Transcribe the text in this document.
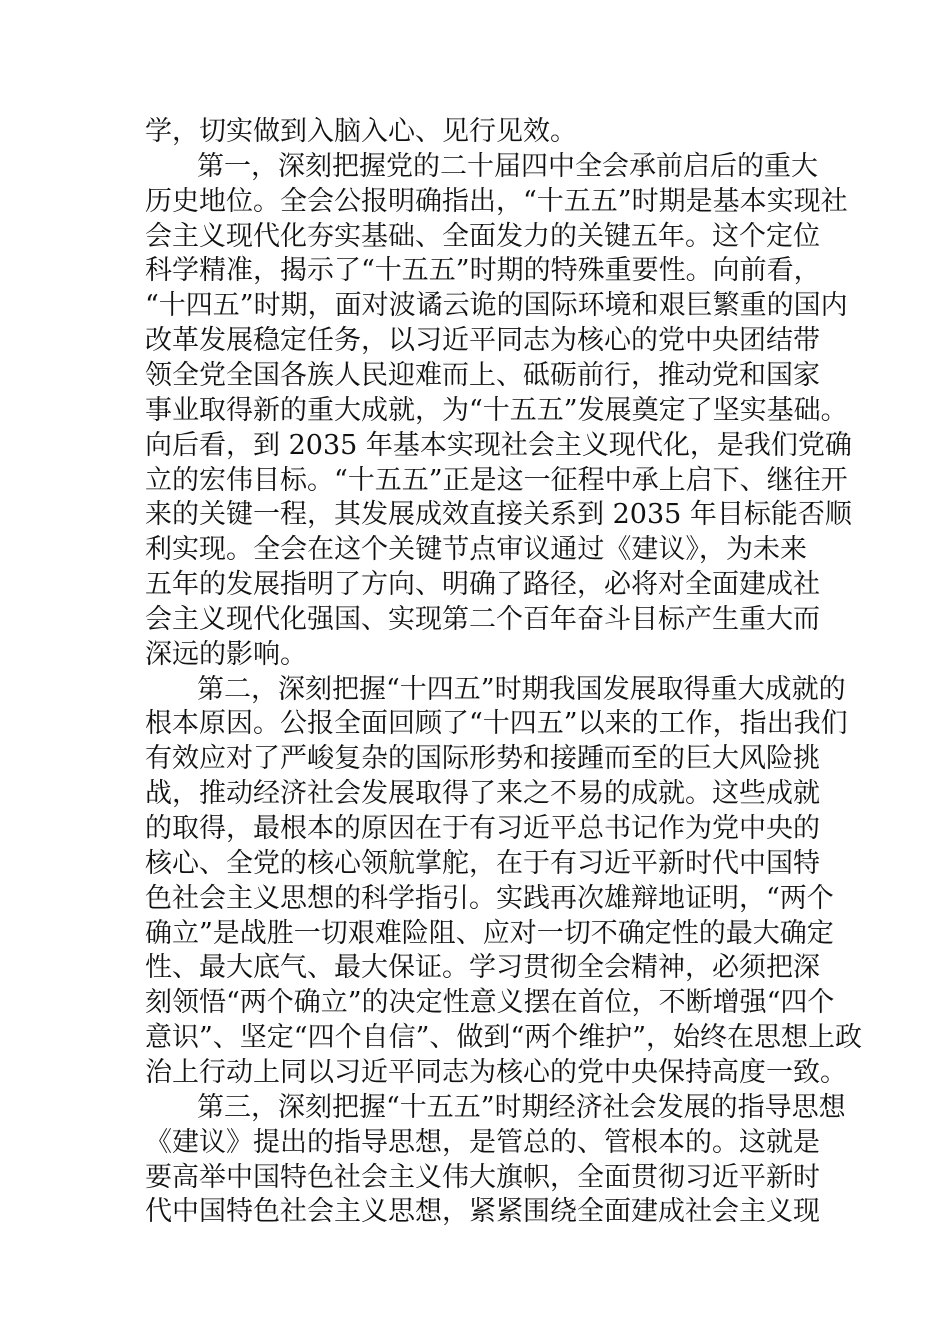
学，切实做到入脑入心、见行见效。
第一，深刻把握党的二十届四中全会承前启后的重大
历史地位。全会公报明确指出，“十五五”时期是基本实现社
会主义现代化夯实基础、全面发力的关键五年。这个定位
科学精准，揭示了“十五五”时期的特殊重要性。向前看，
“十四五”时期，面对波谲云诡的国际环境和艰巨繁重的国内
改革发展稳定任务，以习近平同志为核心的党中央团结带
领全党全国各族人民迎难而上、砥砺前行，推动党和国家
事业取得新的重大成就，为“十五五”发展奠定了坚实基础。
向后看，到 2035 年基本实现社会主义现代化，是我们党确
立的宏伟目标。“十五五”正是这一征程中承上启下、继往开
来的关键一程，其发展成效直接关系到 2035 年目标能否顺
利实现。全会在这个关键节点审议通过《建议》，为未来
五年的发展指明了方向、明确了路径，必将对全面建成社
会主义现代化强国、实现第二个百年奋斗目标产生重大而
深远的影响。
第二，深刻把握“十四五”时期我国发展取得重大成就的
根本原因。公报全面回顾了“十四五”以来的工作，指出我们
有效应对了严峻复杂的国际形势和接踵而至的巨大风险挑
战，推动经济社会发展取得了来之不易的成就。这些成就
的取得，最根本的原因在于有习近平总书记作为党中央的
核心、全党的核心领航掌舵，在于有习近平新时代中国特
色社会主义思想的科学指引。实践再次雄辩地证明，“两个
确立”是战胜一切艰难险阻、应对一切不确定性的最大确定
性、最大底气、最大保证。学习贯彻全会精神，必须把深
刻领悟“两个确立”的决定性意义摆在首位，不断增强“四个
意识”、坚定“四个自信”、做到“两个维护”，始终在思想上政
治上行动上同以习近平同志为核心的党中央保持高度一致。
第三，深刻把握“十五五”时期经济社会发展的指导思想
《建议》提出的指导思想，是管总的、管根本的。这就是
要高举中国特色社会主义伟大旗帜，全面贯彻习近平新时
代中国特色社会主义思想，紧紧围绕全面建成社会主义现
